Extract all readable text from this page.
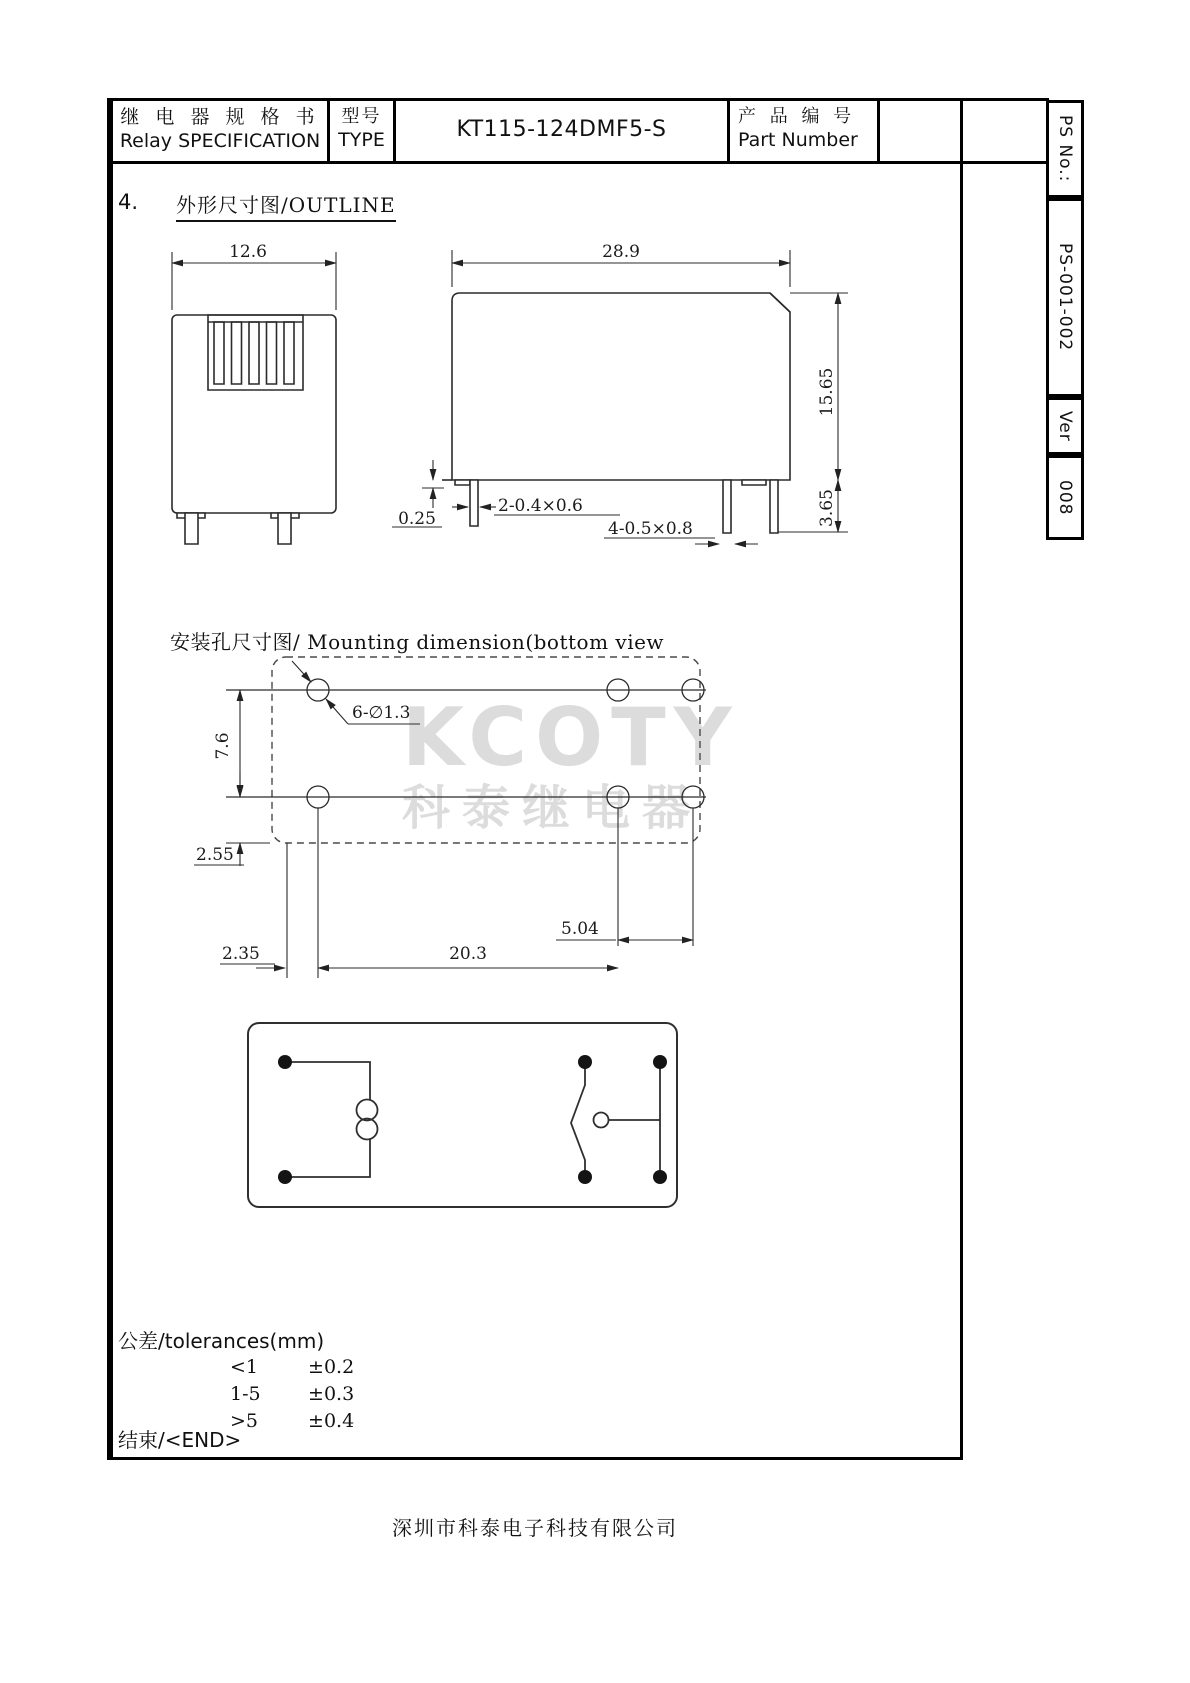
继 电 器 规 格 书
Relay SPECIFICATION
型号
TYPE	KT115-124DMF5-S	产 品 编 号
Part Number	PS No.:
PS-001-002
Ver
008
4. 外形尺寸图/OUTLINE
12.6	28.9
15.65
3.65
0.25
2-0.4×0.6
4-0.5×0.8
安装孔尺寸图/ Mounting dimension(bottom view
KCOTY
科泰继电器
6-∅1.3
7.6
2.55
2.35	20.3
5.04
公差/tolerances(mm)
<1	±0.2
1-5 ±0.3
>5	±0.4
结束/<END>
深圳市科泰电子科技有限公司
